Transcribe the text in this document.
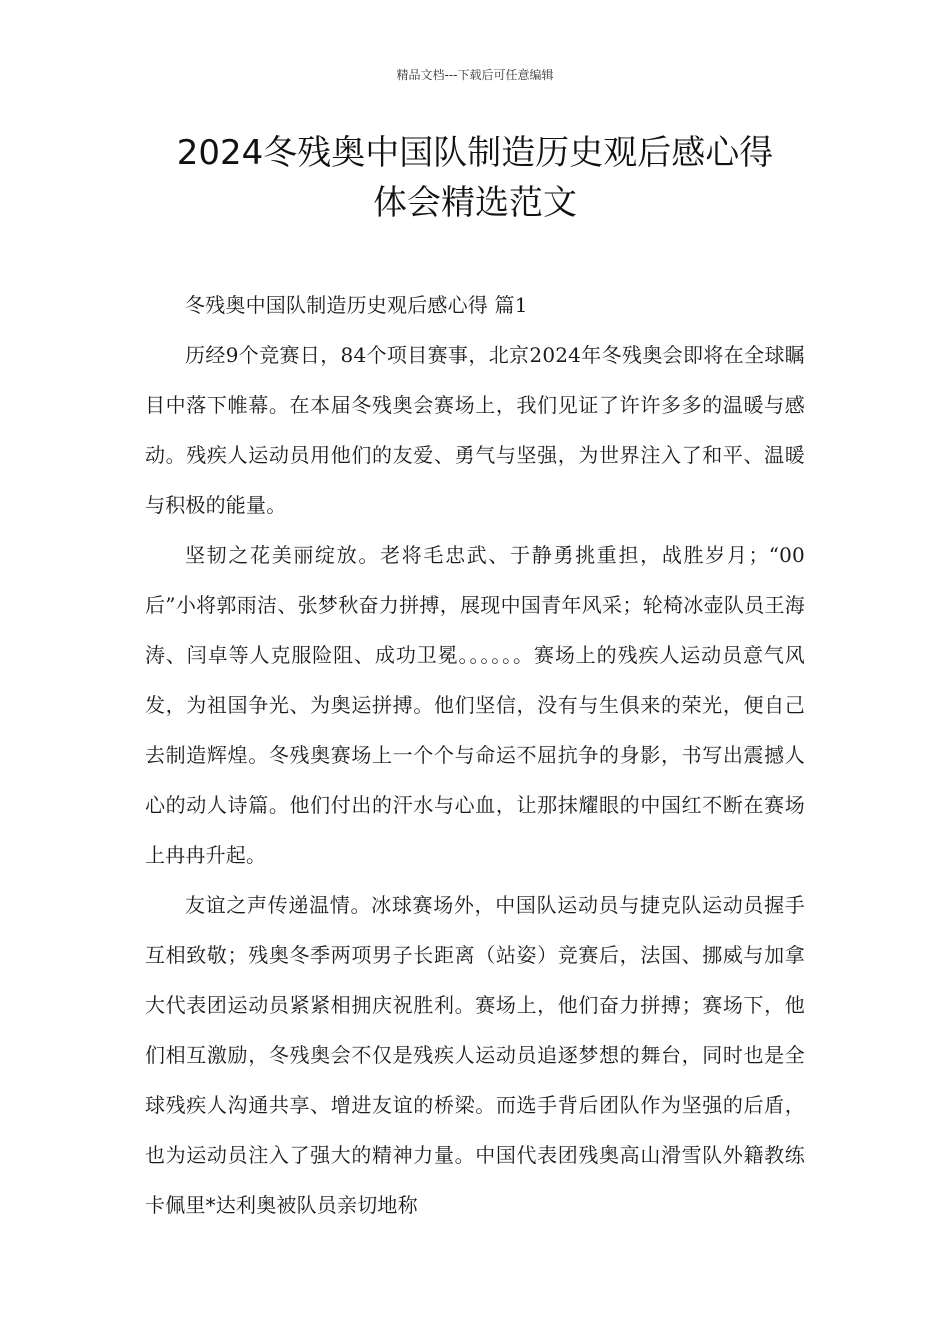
精品文档---下载后可任意编辑
2024冬残奥中国队制造历史观后感心得
体会精选范文

冬残奥中国队制造历史观后感心得 篇1

历经9个竞赛日，84个项目赛事，北京2024年冬残奥会即将在全球瞩目中落下帷幕。在本届冬残奥会赛场上，我们见证了许许多多的温暖与感动。残疾人运动员用他们的友爱、勇气与坚强，为世界注入了和平、温暖与积极的能量。

坚韧之花美丽绽放。老将毛忠武、于静勇挑重担，战胜岁月；“00后”小将郭雨洁、张梦秋奋力拼搏，展现中国青年风采；轮椅冰壶队员王海涛、闫卓等人克服险阻、成功卫冕。。。。。。赛场上的残疾人运动员意气风发，为祖国争光、为奥运拼搏。他们坚信，没有与生俱来的荣光，便自己去制造辉煌。冬残奥赛场上一个个与命运不屈抗争的身影，书写出震撼人心的动人诗篇。他们付出的汗水与心血，让那抹耀眼的中国红不断在赛场上冉冉升起。

友谊之声传递温情。冰球赛场外，中国队运动员与捷克队运动员握手互相致敬；残奥冬季两项男子长距离（站姿）竞赛后，法国、挪威与加拿大代表团运动员紧紧相拥庆祝胜利。赛场上，他们奋力拼搏；赛场下，他们相互激励，冬残奥会不仅是残疾人运动员追逐梦想的舞台，同时也是全球残疾人沟通共享、增进友谊的桥梁。而选手背后团队作为坚强的后盾，也为运动员注入了强大的精神力量。中国代表团残奥高山滑雪队外籍教练卡佩里*达利奥被队员亲切地称
